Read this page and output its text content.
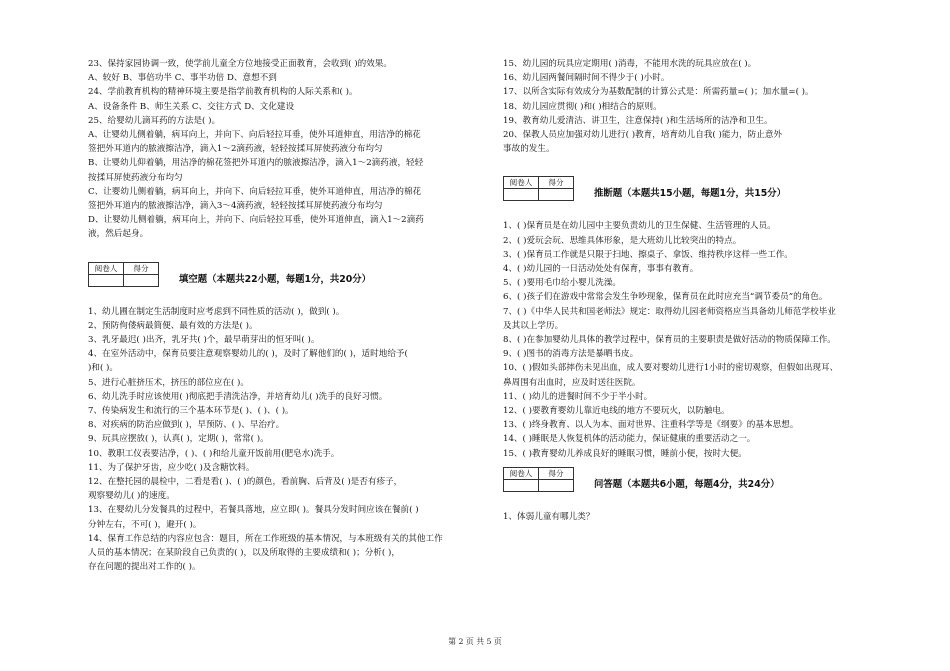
23、保持家园协调一致，使学前儿童全方位地接受正面教育，会收到( )的效果。
A、较好 B、事倍功半 C、事半功倍 D、意想不到
24、学前教育机构的精神环境主要是指学前教育机构的人际关系和( )。
A、设备条件 B、师生关系 C、交往方式 D、文化建设
25、给婴幼儿滴耳药的方法是( )。
A、让婴幼儿侧着躺，病耳向上，并向下、向后轻拉耳垂，使外耳道伸直，用洁净的棉花
签把外耳道内的脓液擦洁净，滴入1～2滴药液，轻轻按揉耳屏使药液分布均匀
B、让婴幼儿仰着躺，用洁净的棉花签把外耳道内的脓液擦洁净，滴入1～2滴药液，轻轻
按揉耳屏使药液分布均匀
C、让婴幼儿侧着躺，病耳向上，并向下、向后轻拉耳垂，使外耳道伸直，用洁净的棉花
签把外耳道内的脓液擦洁净，滴入3～4滴药液，轻轻按揉耳屏使药液分布均匀
D、让婴幼儿侧着躺，病耳向上，并向下、向后轻拉耳垂，使外耳道伸直，滴入1～2滴药
液，然后起身。
阅卷人	得分

填空题（本题共22小题，每题1分，共20分）
1、幼儿圃在制定生活制度时应考虑到不同性质的活动( )，做到( )。
2、预防佝偻病最简便、最有效的方法是( )。
3、乳牙最迟( )出齐，乳牙共( )个，最早萌芽出的恒牙叫( )。
4、在室外活动中，保育员要注意观察婴幼儿的( )，及时了解他们的( )，适时地给予(
)和( )。
5、进行心脏挤压术，挤压的部位应在( )。
6、幼儿洗手时应该使用( )彻底把手清洗洁净，并培育幼儿( )洗手的良好习惯。
7、传染病发生和流行的三个基本环节是( )、( )、( )。
8、对疾病的防治应做到( )，早预防、( )、早治疗。
9、玩具应摆放( )，认真( )，定期( )，常常( )。
10、教职工仪表要洁净，( )、( )和给儿童开饭前用(肥皂水)洗手。
11、为了保护牙齿，应少吃( )及含糖饮料。
12、在整托园的晨检中，二看是看( )、( )的颜色，看前胸、后背及( )是否有疹子，
观察婴幼儿( )的速度。
13、在婴幼儿分发餐具的过程中，若餐具落地，应立即( )。餐具分发时间应该在餐前( )
分钟左右，不可( )，避开( )。
14、保育工作总结的内容应包含：题目，所在工作班级的基本情况，与本班级有关的其他工作
人员的基本情况；在某阶段自己负责的( )，以及所取得的主要成绩和( )；分析( )，
存在问题的提出对工作的( )。
15、幼儿园的玩具应定期用( )消毒，不能用水洗的玩具应放在( )。
16、幼儿园两餐间隔时间不得少于( )小时。
17、以所含实际有效成分为基数配制的计算公式是：所需药量=( )；加水量=( )。
18、幼儿园应贯彻( )和( )相结合的原则。
19、教育幼儿爱清洁、讲卫生，注意保持( )和生活场所的洁净和卫生。
20、保教人员应加强对幼儿进行( )教育，培育幼儿自我( )能力，防止意外
事故的发生。
阅卷人	得分

推断题（本题共15小题，每题1分，共15分）
1、( )保育员是在幼儿园中主要负责幼儿的卫生保健、生活管理的人员。
2、( )爱玩会玩、思维具体形象，是大班幼儿比较突出的特点。
3、( )保育员工作就是只限于扫地、擦桌子、拿饭、维持秩序这样一些工作。
4、( )幼儿园的一日活动处处有保育，事事有教育。
5、( )要用毛巾给小婴儿洗澡。
6、( )孩子们在游戏中常常会发生争吵现象，保育员在此时应充当“调节委员”的角色。
7、( )《中华人民共和国老师法》规定：取得幼儿园老师资格应当具备幼儿师范学校毕业
及其以上学历。
8、( )在参加婴幼儿具体的教学过程中，保育员的主要职责是做好活动的物质保障工作。
9、( )图书的消毒方法是暴晒书皮。
10、( )假如头部摔伤未见出血，成人要对婴幼儿进行1小时的密切观察，但假如出现耳、
鼻周围有出血时，应及时送往医院。
11、( )幼儿的进餐时间不少于半小时。
12、( )要教育婴幼儿靠近电线的地方不要玩火，以防触电。
13、( )终身教育、以人为本、面对世界、注重科学等是《纲要》的基本思想。
14、( )睡眠是人恢复机体的活动能力，保证健康的重要活动之一。
15、( )教育婴幼儿养成良好的睡眠习惯，睡前小便，按时大便。
阅卷人	得分

问答题（本题共6小题，每题4分，共24分）
1、体弱儿童有哪儿类？
第 2 页 共 5 页
